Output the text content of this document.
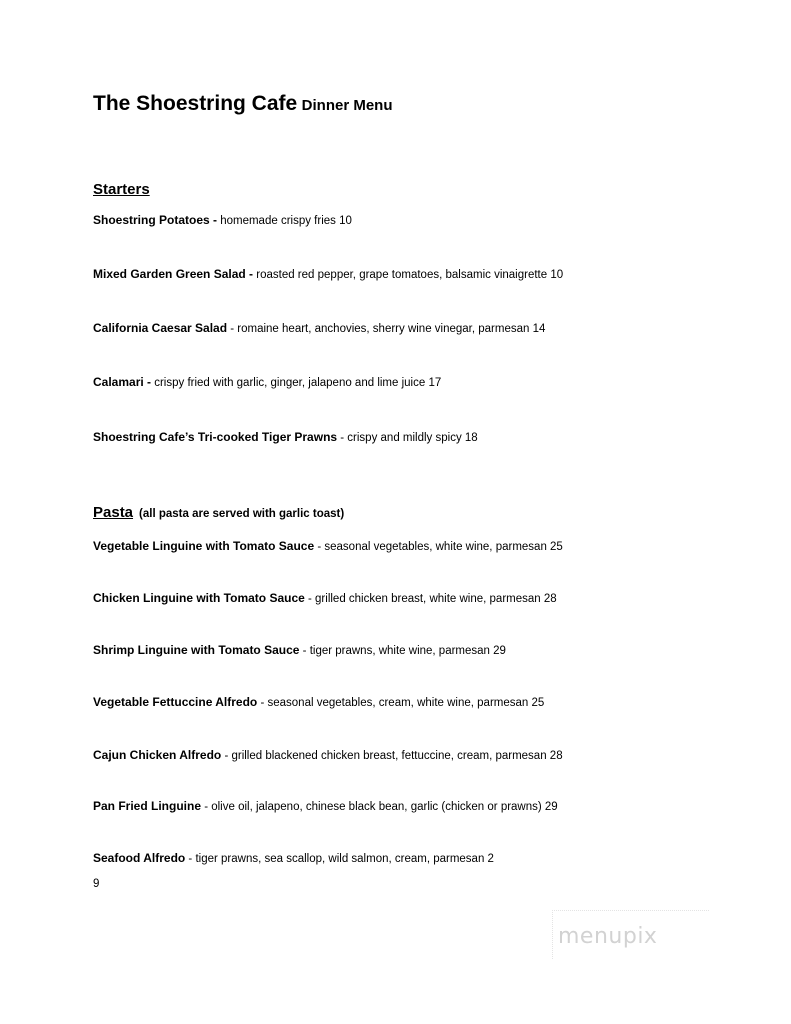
The Shoestring Cafe Dinner Menu
Starters
Shoestring Potatoes - homemade crispy fries 10
Mixed Garden Green Salad - roasted red pepper, grape tomatoes, balsamic vinaigrette 10
California Caesar Salad - romaine heart, anchovies, sherry wine vinegar, parmesan 14
Calamari - crispy fried with garlic, ginger, jalapeno and lime juice 17
Shoestring Cafe’s Tri-cooked Tiger Prawns - crispy and mildly spicy 18
Pasta (all pasta are served with garlic toast)
Vegetable Linguine with Tomato Sauce - seasonal vegetables, white wine, parmesan 25
Chicken Linguine with Tomato Sauce - grilled chicken breast, white wine, parmesan 28
Shrimp Linguine with Tomato Sauce - tiger prawns, white wine, parmesan 29
Vegetable Fettuccine Alfredo - seasonal vegetables, cream, white wine, parmesan 25
Cajun Chicken Alfredo - grilled blackened chicken breast, fettuccine, cream, parmesan 28
Pan Fried Linguine - olive oil, jalapeno, chinese black bean, garlic (chicken or prawns) 29
Seafood Alfredo - tiger prawns, sea scallop, wild salmon, cream, parmesan 2
9
menupix
